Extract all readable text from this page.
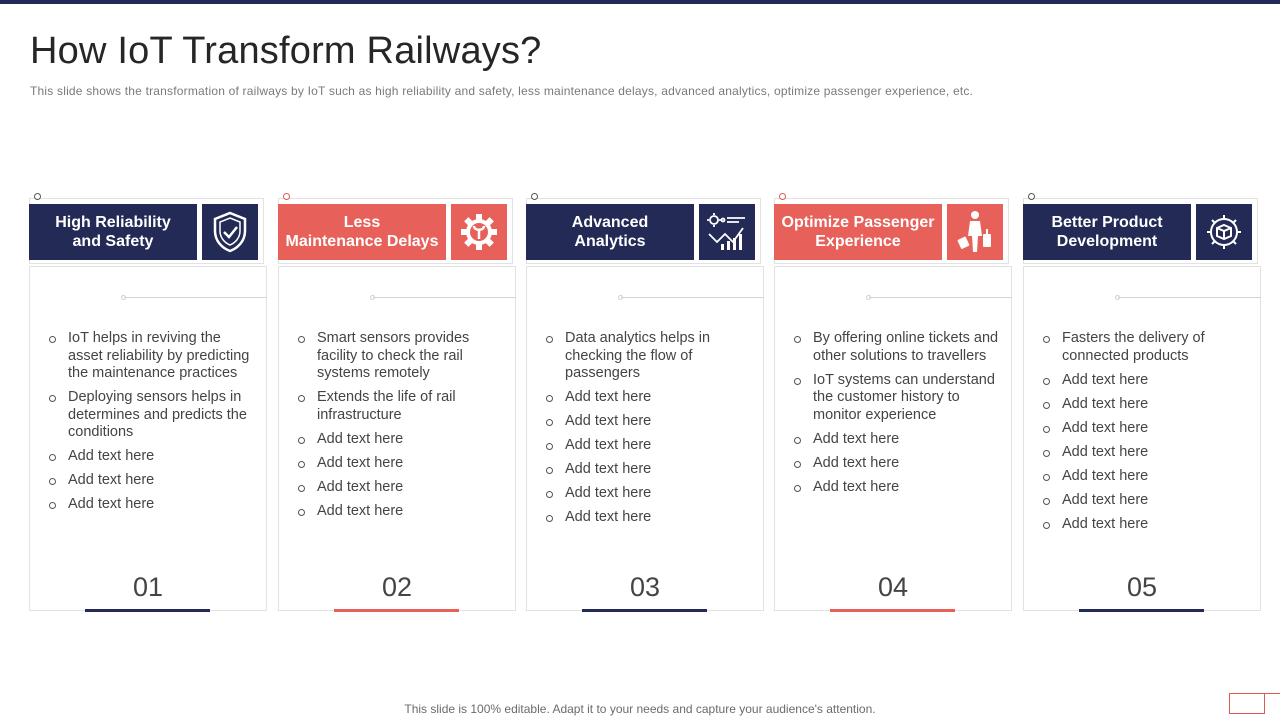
How IoT Transform Railways?
This slide shows the transformation of railways by IoT such as high reliability and safety, less maintenance delays, advanced analytics, optimize passenger experience, etc.
High Reliability
and Safety
IoT helps in reviving the asset reliability by predicting the maintenance practices
Deploying sensors helps in determines and predicts the conditions
Add text here
Add text here
Add text here
01
Less
Maintenance Delays
Smart sensors provides facility to check the rail systems remotely
Extends the life of rail infrastructure
Add text here
Add text here
Add text here
Add text here
02
Advanced
Analytics
Data analytics helps in checking the flow of passengers
Add text here
Add text here
Add text here
Add text here
Add text here
Add text here
03
Optimize Passenger
Experience
By offering online tickets and other solutions to travellers
IoT systems can understand the customer history to monitor experience
Add text here
Add text here
Add text here
04
Better Product
Development
Fasters the delivery of connected products
Add text here
Add text here
Add text here
Add text here
Add text here
Add text here
Add text here
05
This slide is 100% editable. Adapt it to your needs and capture your audience's attention.
